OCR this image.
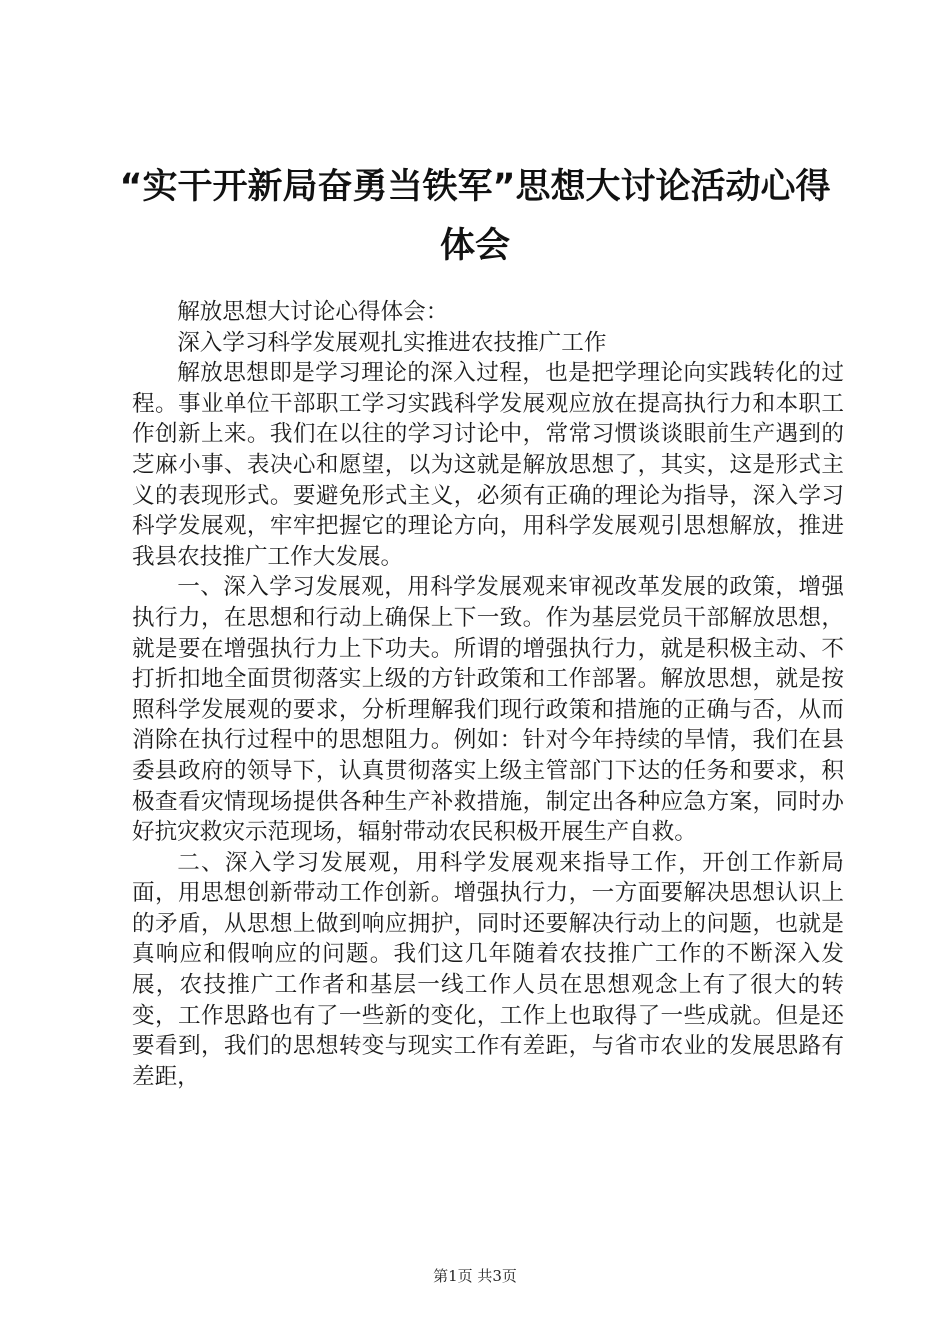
“实干开新局奋勇当铁军”思想大讨论活动心得体会

解放思想大讨论心得体会：

深入学习科学发展观扎实推进农技推广工作

解放思想即是学习理论的深入过程，也是把学理论向实践转化的过程。事业单位干部职工学习实践科学发展观应放在提高执行力和本职工作创新上来。我们在以往的学习讨论中，常常习惯谈谈眼前生产遇到的芝麻小事、表决心和愿望，以为这就是解放思想了，其实，这是形式主义的表现形式。要避免形式主义，必须有正确的理论为指导，深入学习科学发展观，牢牢把握它的理论方向，用科学发展观引思想解放，推进我县农技推广工作大发展。

一、深入学习发展观，用科学发展观来审视改革发展的政策，增强执行力，在思想和行动上确保上下一致。作为基层党员干部解放思想，就是要在增强执行力上下功夫。所谓的增强执行力，就是积极主动、不打折扣地全面贯彻落实上级的方针政策和工作部署。解放思想，就是按照科学发展观的要求，分析理解我们现行政策和措施的正确与否，从而消除在执行过程中的思想阻力。例如：针对今年持续的旱情，我们在县委县政府的领导下，认真贯彻落实上级主管部门下达的任务和要求，积极查看灾情现场提供各种生产补救措施，制定出各种应急方案，同时办好抗灾救灾示范现场，辐射带动农民积极开展生产自救。

二、深入学习发展观，用科学发展观来指导工作，开创工作新局面，用思想创新带动工作创新。增强执行力，一方面要解决思想认识上的矛盾，从思想上做到响应拥护，同时还要解决行动上的问题，也就是真响应和假响应的问题。我们这几年随着农技推广工作的不断深入发展，农技推广工作者和基层一线工作人员在思想观念上有了很大的转变，工作思路也有了一些新的变化，工作上也取得了一些成就。但是还要看到，我们的思想转变与现实工作有差距，与省市农业的发展思路有差距，

第1页 共3页
